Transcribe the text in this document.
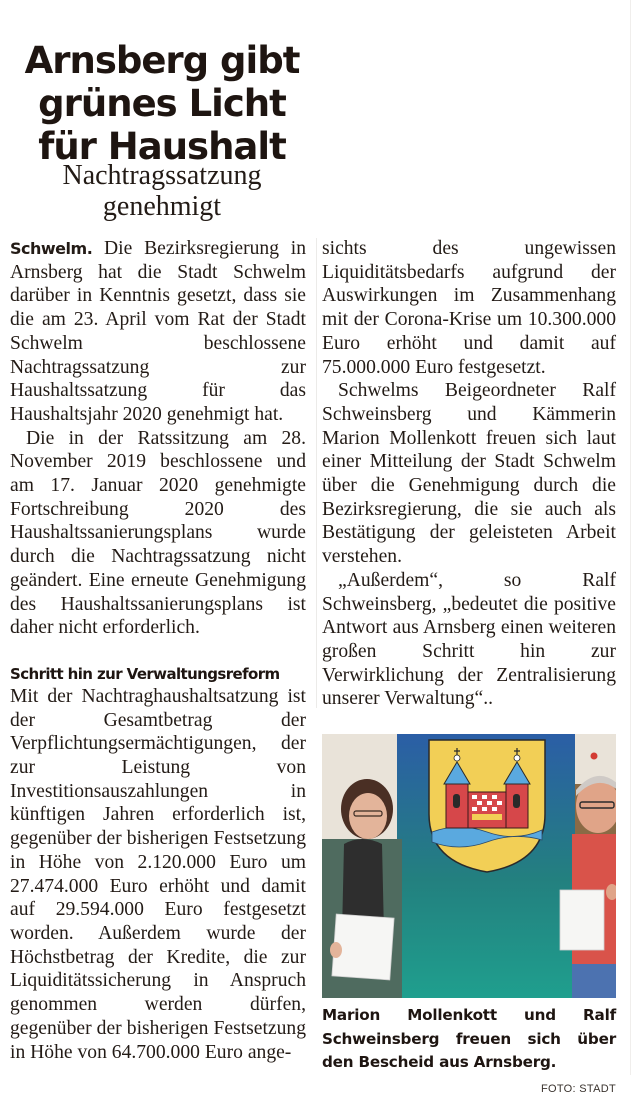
Arnsberg gibt
grünes Licht
für Haushalt
Nachtragssatzung
genehmigt

Schwelm. Die Bezirksregierung in Arnsberg hat die Stadt Schwelm darüber in Kenntnis gesetzt, dass sie die am 23. April vom Rat der Stadt Schwelm beschlossene Nachtragssatzung zur Haushaltssatzung für das Haushaltsjahr 2020 genehmigt hat.

Die in der Ratssitzung am 28. November 2019 beschlossene und am 17. Januar 2020 genehmigte Fortschreibung 2020 des Haushaltssanierungsplans wurde durch die Nachtragssatzung nicht geändert. Eine erneute Genehmigung des Haushaltssanierungsplans ist daher nicht erforderlich.

Schritt hin zur Verwaltungsreform

Mit der Nachtraghaushaltsatzung ist der Gesamtbetrag der Verpflichtungsermächtigungen, der zur Leistung von Investitionsauszahlungen in künftigen Jahren erforderlich ist, gegenüber der bisherigen Festsetzung in Höhe von 2.120.000 Euro um 27.474.000 Euro erhöht und damit auf 29.594.000 Euro festgesetzt worden. Außerdem wurde der Höchstbetrag der Kredite, die zur Liquiditätssicherung in Anspruch genommen werden dürfen, gegenüber der bisherigen Festsetzung in Höhe von 64.700.000 Euro ange-

sichts des ungewissen Liquiditätsbedarfs aufgrund der Auswirkungen im Zusammenhang mit der Corona-Krise um 10.300.000 Euro erhöht und damit auf 75.000.000 Euro festgesetzt.

Schwelms Beigeordneter Ralf Schweinsberg und Kämmerin Marion Mollenkott freuen sich laut einer Mitteilung der Stadt Schwelm über die Genehmigung durch die Bezirksregierung, die sie auch als Bestätigung der geleisteten Arbeit verstehen.

„Außerdem“, so Ralf Schweinsberg, „bedeutet die positive Antwort aus Arnsberg einen weiteren großen Schritt hin zur Verwirklichung der Zentralisierung unserer Verwaltung“..

Marion Mollenkott und Ralf Schweinsberg freuen sich über den Bescheid aus Arnsberg.
FOTO: STADT
